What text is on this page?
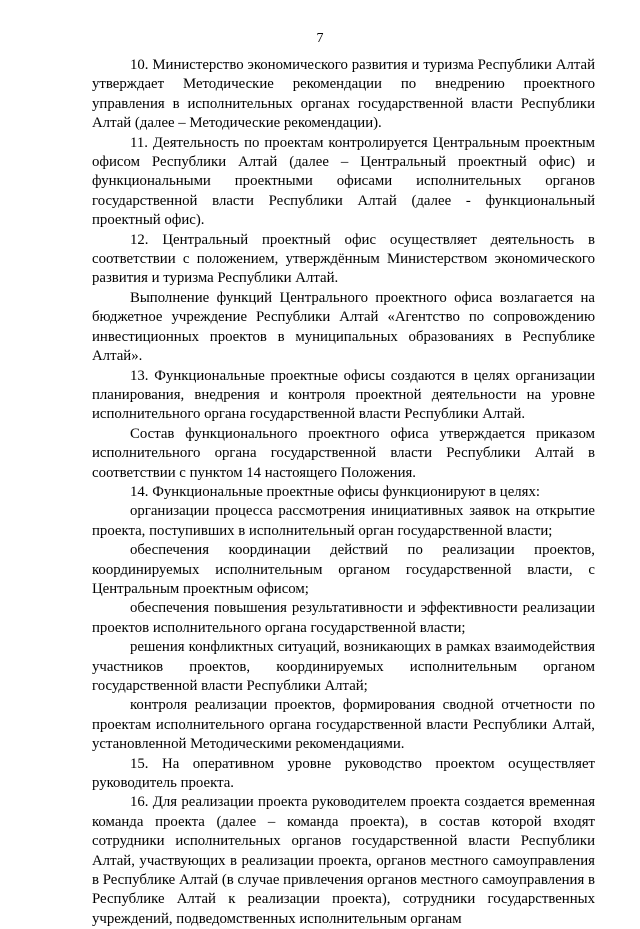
7

10. Министерство экономического развития и туризма Республики Алтай утверждает Методические рекомендации по внедрению проектного управления в исполнительных органах государственной власти Республики Алтай (далее – Методические рекомендации).

11. Деятельность по проектам контролируется Центральным проектным офисом Республики Алтай (далее – Центральный проектный офис) и функциональными проектными офисами исполнительных органов государственной власти Республики Алтай (далее - функциональный проектный офис).

12. Центральный проектный офис осуществляет деятельность в соответствии с положением, утверждённым Министерством экономического развития и туризма Республики Алтай.

Выполнение функций Центрального проектного офиса возлагается на бюджетное учреждение Республики Алтай «Агентство по сопровождению инвестиционных проектов в муниципальных образованиях в Республике Алтай».

13. Функциональные проектные офисы создаются в целях организации планирования, внедрения и контроля проектной деятельности на уровне исполнительного органа государственной власти Республики Алтай.

Состав функционального проектного офиса утверждается приказом исполнительного органа государственной власти Республики Алтай в соответствии с пунктом 14 настоящего Положения.

14. Функциональные проектные офисы функционируют в целях:

организации процесса рассмотрения инициативных заявок на открытие проекта, поступивших в исполнительный орган государственной власти;

обеспечения координации действий по реализации проектов, координируемых исполнительным органом государственной власти, с Центральным проектным офисом;

обеспечения повышения результативности и эффективности реализации проектов исполнительного органа государственной власти;

решения конфликтных ситуаций, возникающих в рамках взаимодействия участников проектов, координируемых исполнительным органом государственной власти Республики Алтай;

контроля реализации проектов, формирования сводной отчетности по проектам исполнительного органа государственной власти Республики Алтай, установленной Методическими рекомендациями.

15. На оперативном уровне руководство проектом осуществляет руководитель проекта.

16. Для реализации проекта руководителем проекта создается временная команда проекта (далее – команда проекта), в состав которой входят сотрудники исполнительных органов государственной власти Республики Алтай, участвующих в реализации проекта, органов местного самоуправления в Республике Алтай (в случае привлечения органов местного самоуправления в Республике Алтай к реализации проекта), сотрудники государственных учреждений, подведомственных исполнительным органам
